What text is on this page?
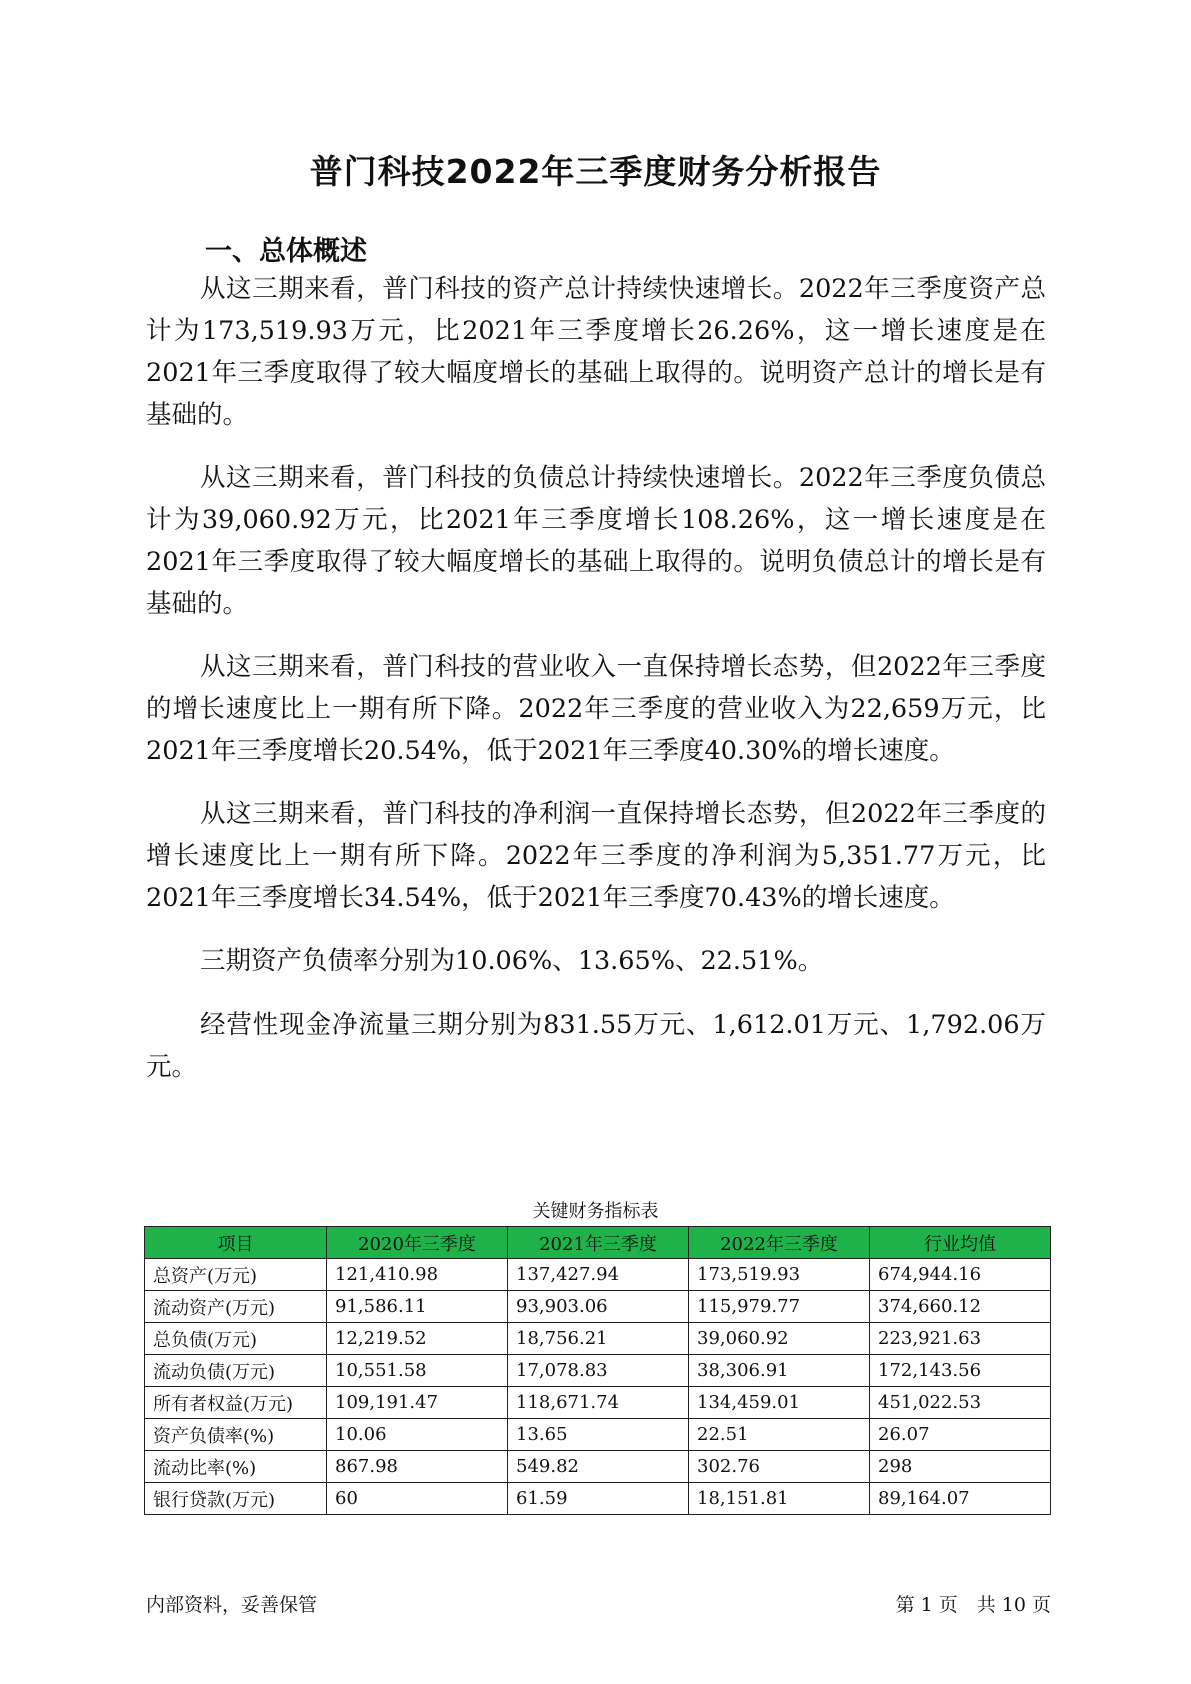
普门科技2022年三季度财务分析报告
一、总体概述

从这三期来看，普门科技的资产总计持续快速增长。2022年三季度资产总计为173,519.93万元，比2021年三季度增长26.26%，这一增长速度是在2021年三季度取得了较大幅度增长的基础上取得的。说明资产总计的增长是有基础的。

从这三期来看，普门科技的负债总计持续快速增长。2022年三季度负债总计为39,060.92万元，比2021年三季度增长108.26%，这一增长速度是在2021年三季度取得了较大幅度增长的基础上取得的。说明负债总计的增长是有基础的。

从这三期来看，普门科技的营业收入一直保持增长态势，但2022年三季度的增长速度比上一期有所下降。2022年三季度的营业收入为22,659万元，比2021年三季度增长20.54%，低于2021年三季度40.30%的增长速度。

从这三期来看，普门科技的净利润一直保持增长态势，但2022年三季度的增长速度比上一期有所下降。2022年三季度的净利润为5,351.77万元，比2021年三季度增长34.54%，低于2021年三季度70.43%的增长速度。

三期资产负债率分别为10.06%、13.65%、22.51%。

经营性现金净流量三期分别为831.55万元、1,612.01万元、1,792.06万元。

关键财务指标表
项目	2020年三季度	2021年三季度	2022年三季度	行业均值
总资产(万元)	121,410.98	137,427.94	173,519.93	674,944.16
流动资产(万元)	91,586.11	93,903.06	115,979.77	374,660.12
总负债(万元)	12,219.52	18,756.21	39,060.92	223,921.63
流动负债(万元)	10,551.58	17,078.83	38,306.91	172,143.56
所有者权益(万元)	109,191.47	118,671.74	134,459.01	451,022.53
资产负债率(%)	10.06	13.65	22.51	26.07
流动比率(%)	867.98	549.82	302.76	298
银行贷款(万元)	60	61.59	18,151.81	89,164.07
内部资料，妥善保管	第 1 页　共 10 页
